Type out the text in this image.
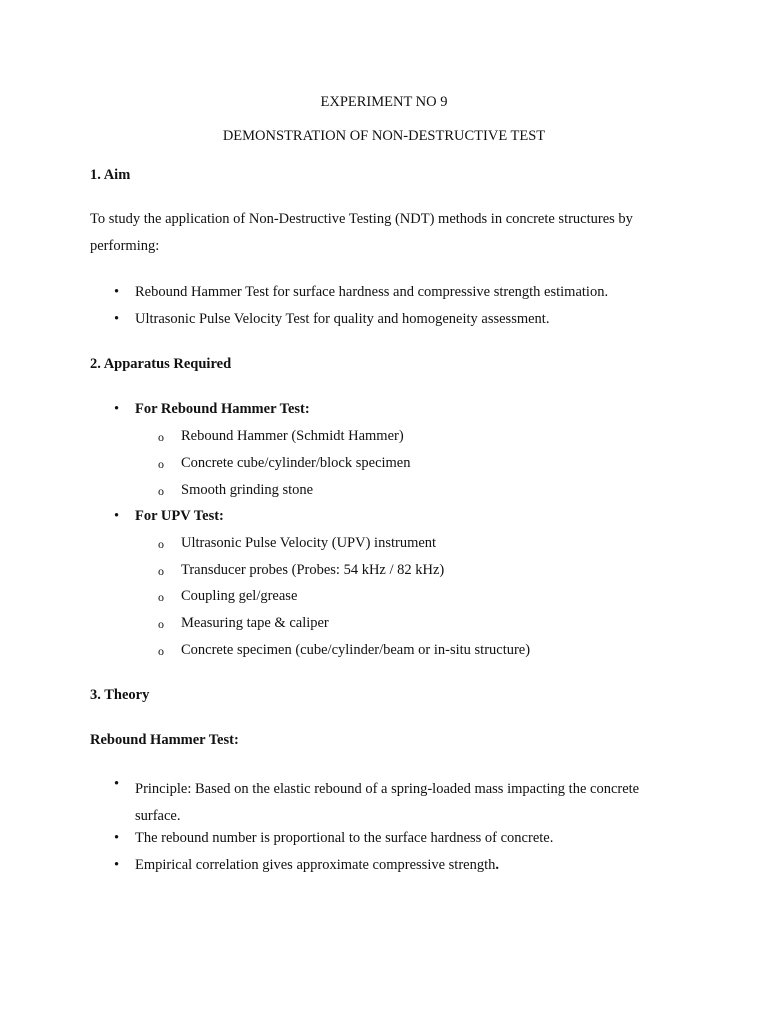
EXPERIMENT NO 9
DEMONSTRATION OF NON-DESTRUCTIVE TEST
1. Aim
To study the application of Non-Destructive Testing (NDT) methods in concrete structures by performing:
• Rebound Hammer Test for surface hardness and compressive strength estimation.
• Ultrasonic Pulse Velocity Test for quality and homogeneity assessment.
2. Apparatus Required
• For Rebound Hammer Test:
o Rebound Hammer (Schmidt Hammer)
o Concrete cube/cylinder/block specimen
o Smooth grinding stone
• For UPV Test:
o Ultrasonic Pulse Velocity (UPV) instrument
o Transducer probes (Probes: 54 kHz / 82 kHz)
o Coupling gel/grease
o Measuring tape & caliper
o Concrete specimen (cube/cylinder/beam or in-situ structure)
3. Theory
Rebound Hammer Test:
• Principle: Based on the elastic rebound of a spring-loaded mass impacting the concrete surface.
• The rebound number is proportional to the surface hardness of concrete.
• Empirical correlation gives approximate compressive strength.
